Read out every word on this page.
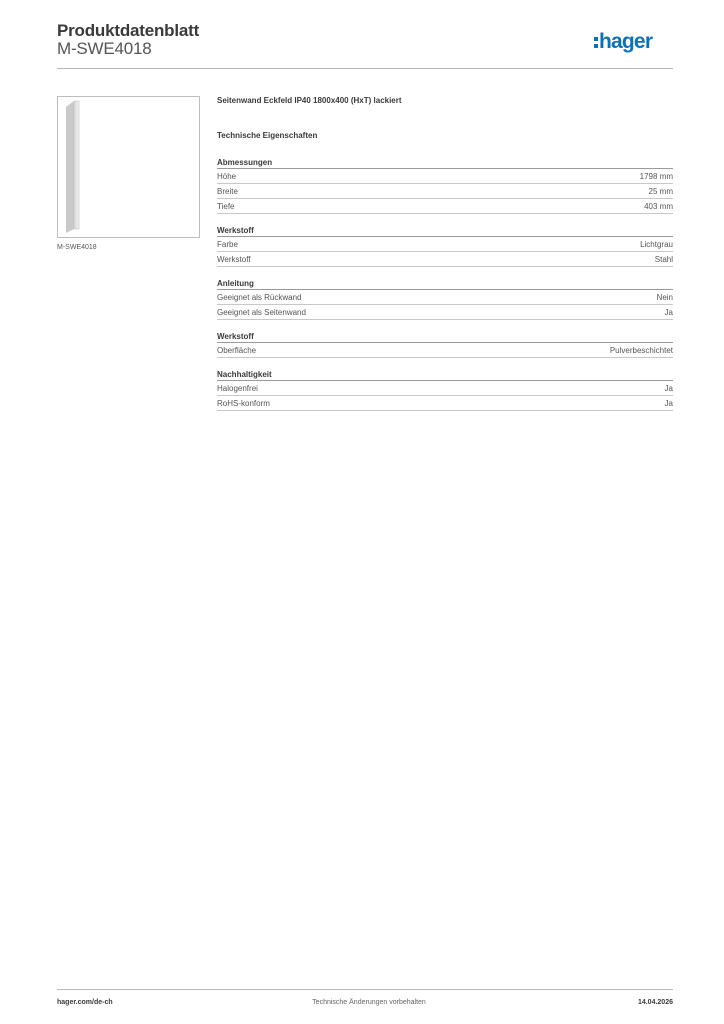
Produktdatenblatt
M-SWE4018	hager
M-SWE4018
Seitenwand Eckfeld IP40 1800x400 (HxT) lackiert
Technische Eigenschaften
Abmessungen
Höhe	1798 mm
Breite	25 mm
Tiefe	403 mm
Werkstoff
Farbe	Lichtgrau
Werkstoff	Stahl
Anleitung
Geeignet als Rückwand	Nein
Geeignet als Seitenwand	Ja
Werkstoff
Oberfläche	Pulverbeschichtet
Nachhaltigkeit
Halogenfrei	Ja
RoHS-konform	Ja
hager.com/de-ch	Technische Änderungen vorbehalten	14.04.2026
